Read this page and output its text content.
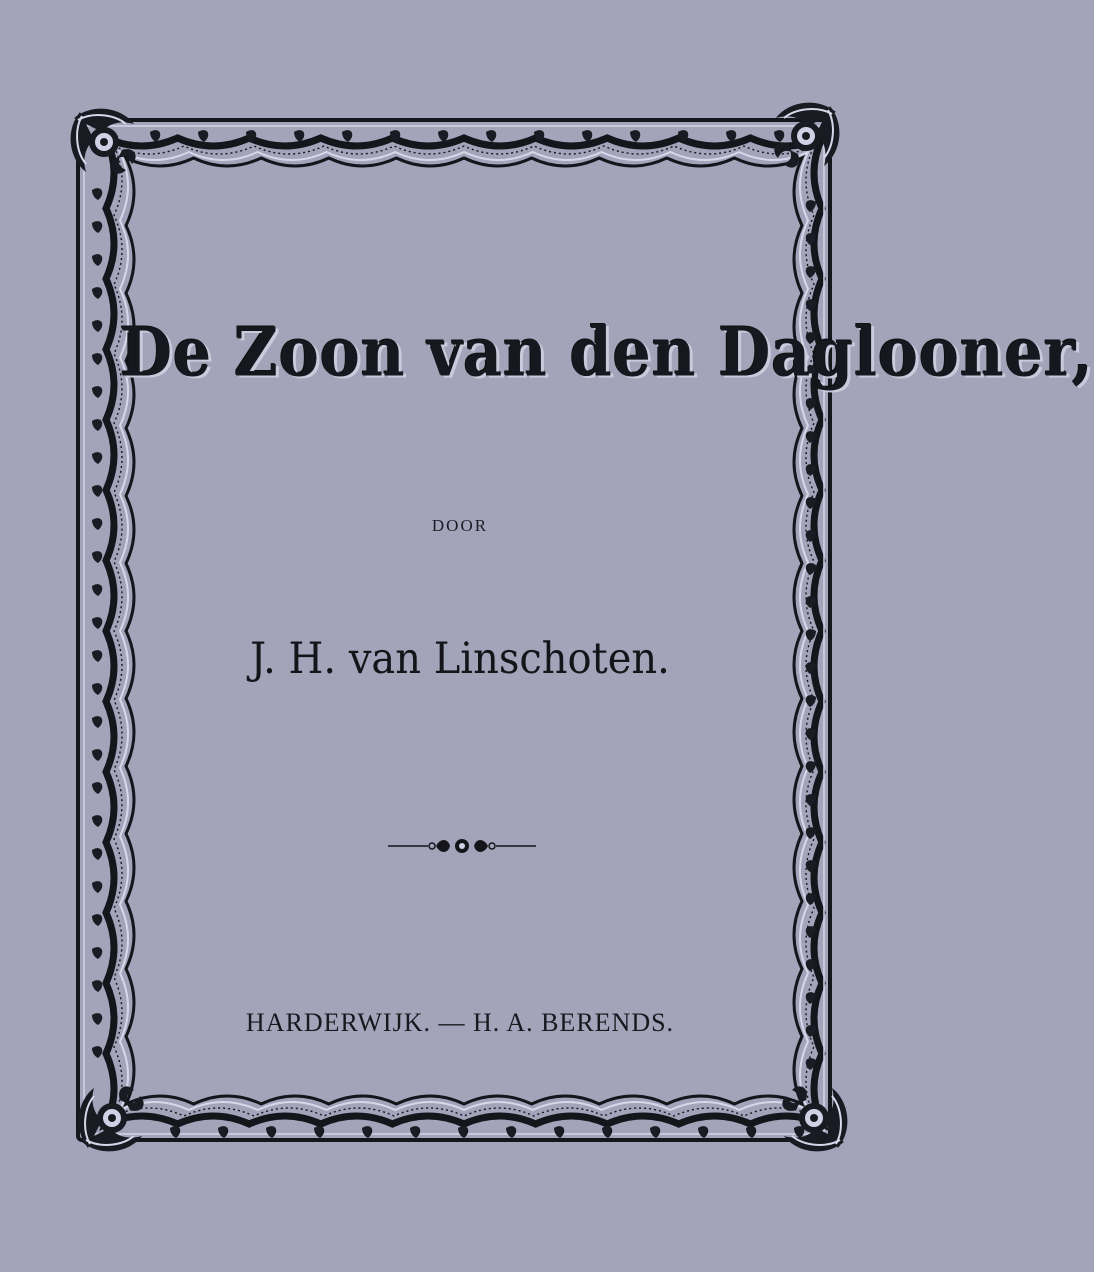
De Zoon van den Daglooner,
DOOR
J. H. van Linschoten.
HARDERWIJK. — H. A. BERENDS.
